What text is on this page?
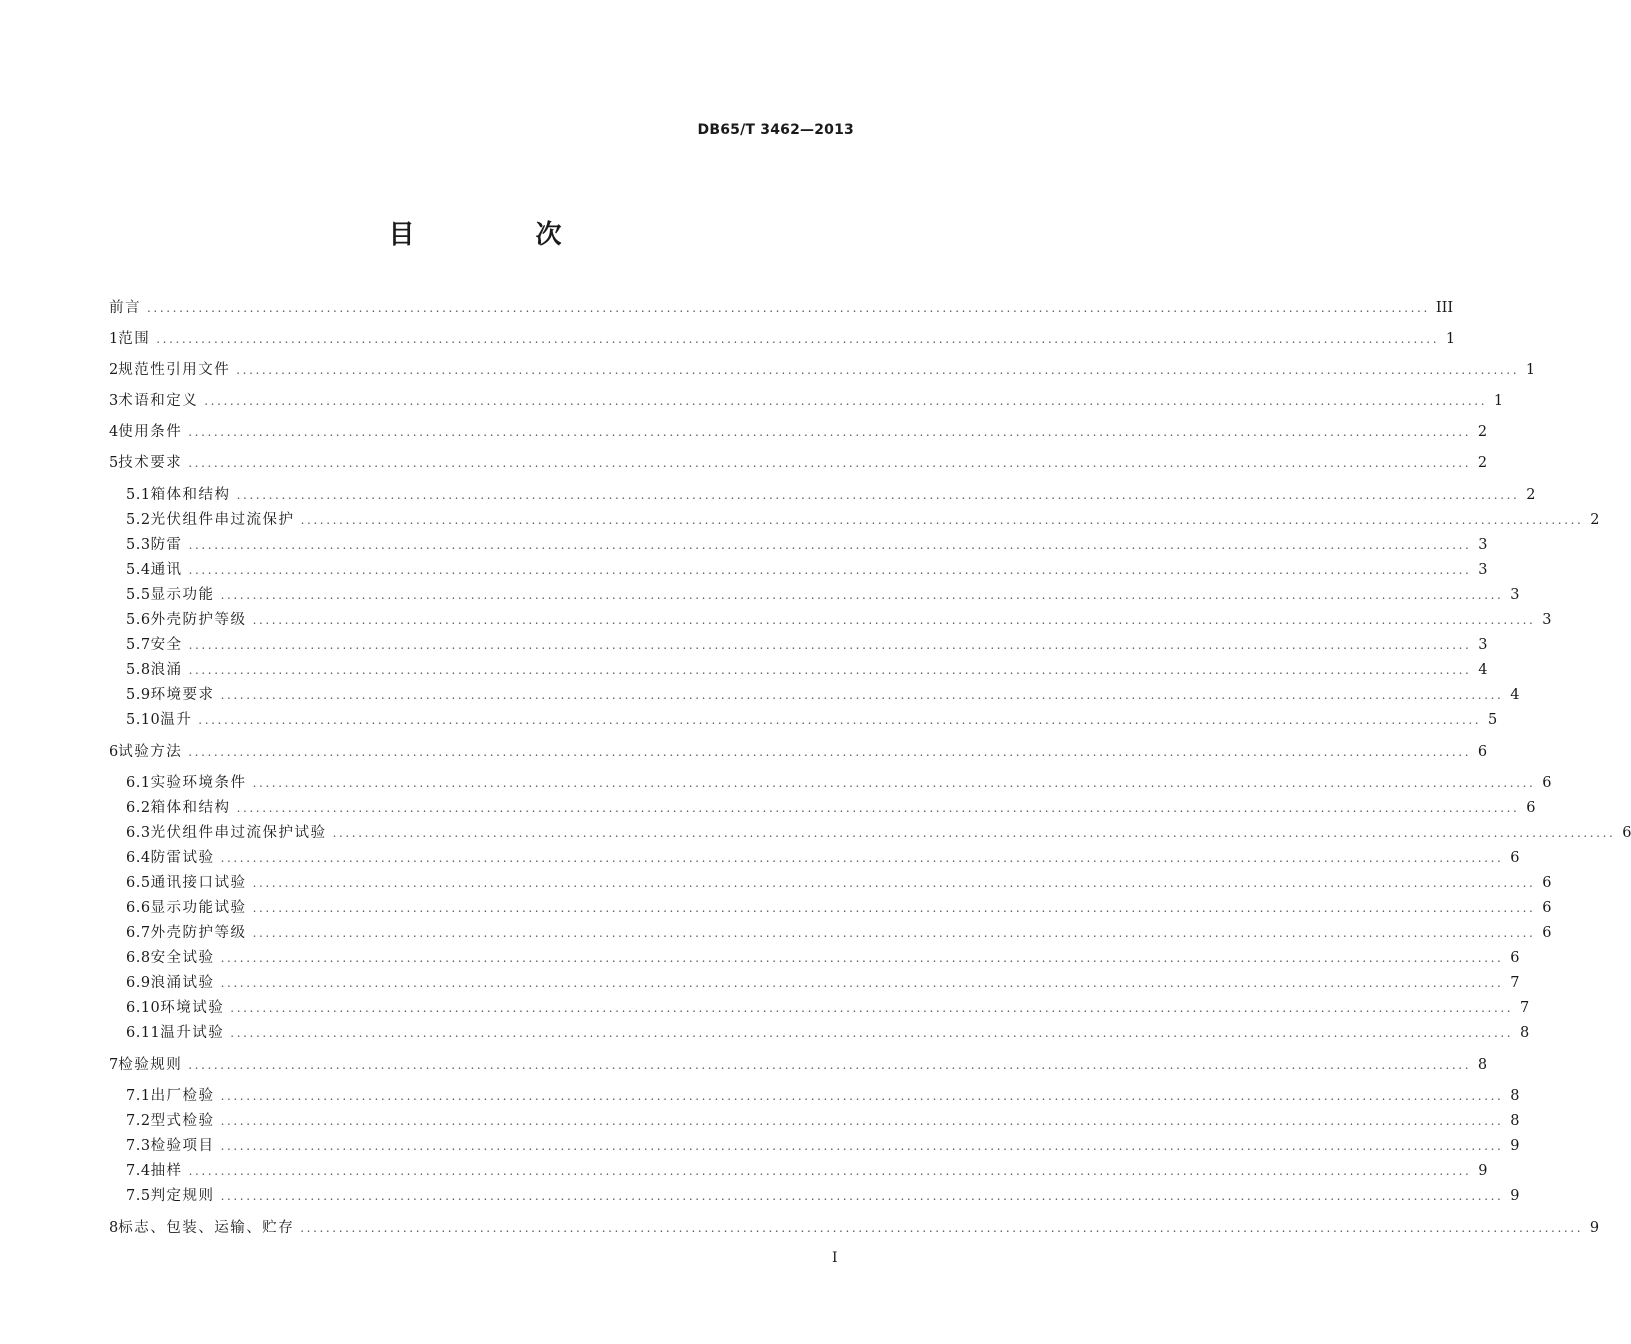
DB65/T 3462—2013
目 次
前言 ........................................................................................................................................................................................................ III
1 范围 ........................................................................................................................................................................................................ 1
2 规范性引用文件 ........................................................................................................................................................................................................ 1
3 术语和定义 ........................................................................................................................................................................................................ 1
4 使用条件 ........................................................................................................................................................................................................ 2
5 技术要求 ........................................................................................................................................................................................................ 2
5.1 箱体和结构 ........................................................................................................................................................................................................ 2
5.2 光伏组件串过流保护 ........................................................................................................................................................................................................ 2
5.3 防雷 ........................................................................................................................................................................................................ 3
5.4 通讯 ........................................................................................................................................................................................................ 3
5.5 显示功能 ........................................................................................................................................................................................................ 3
5.6 外壳防护等级 ........................................................................................................................................................................................................ 3
5.7 安全 ........................................................................................................................................................................................................ 3
5.8 浪涌 ........................................................................................................................................................................................................ 4
5.9 环境要求 ........................................................................................................................................................................................................ 4
5.10 温升 ........................................................................................................................................................................................................ 5
6 试验方法 ........................................................................................................................................................................................................ 6
6.1 实验环境条件 ........................................................................................................................................................................................................ 6
6.2 箱体和结构 ........................................................................................................................................................................................................ 6
6.3 光伏组件串过流保护试验 ........................................................................................................................................................................................................ 6
6.4 防雷试验 ........................................................................................................................................................................................................ 6
6.5 通讯接口试验 ........................................................................................................................................................................................................ 6
6.6 显示功能试验 ........................................................................................................................................................................................................ 6
6.7 外壳防护等级 ........................................................................................................................................................................................................ 6
6.8 安全试验 ........................................................................................................................................................................................................ 6
6.9 浪涌试验 ........................................................................................................................................................................................................ 7
6.10 环境试验 ........................................................................................................................................................................................................ 7
6.11 温升试验 ........................................................................................................................................................................................................ 8
7 检验规则 ........................................................................................................................................................................................................ 8
7.1 出厂检验 ........................................................................................................................................................................................................ 8
7.2 型式检验 ........................................................................................................................................................................................................ 8
7.3 检验项目 ........................................................................................................................................................................................................ 9
7.4 抽样 ........................................................................................................................................................................................................ 9
7.5 判定规则 ........................................................................................................................................................................................................ 9
8 标志、包装、运输、贮存 ........................................................................................................................................................................................................ 9
I
